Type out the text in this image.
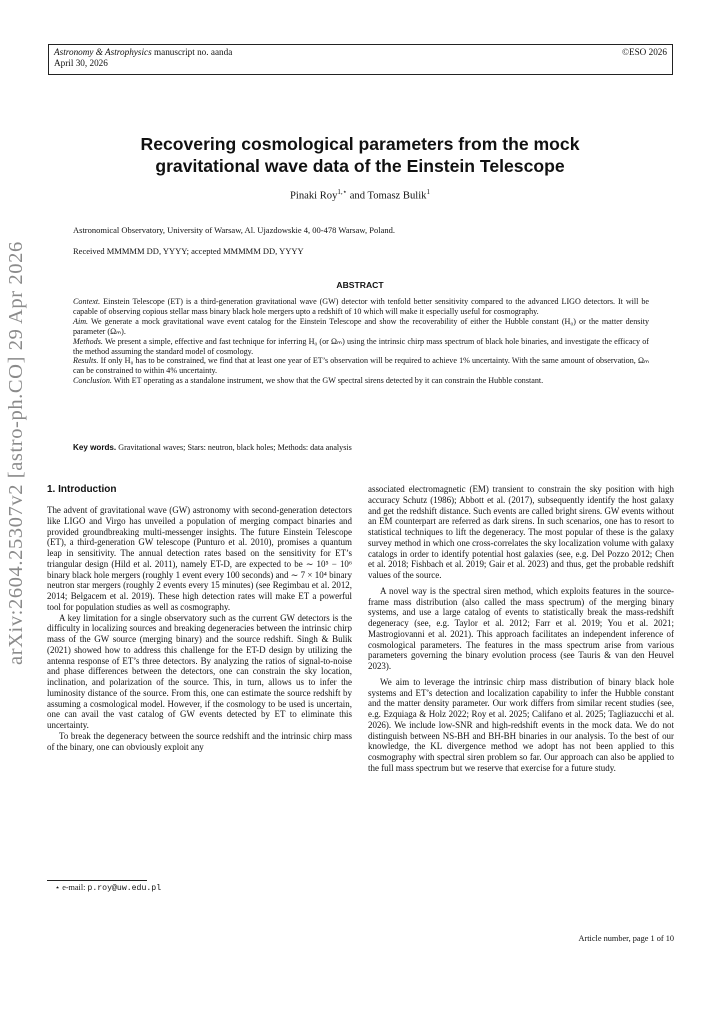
Astronomy & Astrophysics manuscript no. aanda
April 30, 2026
©ESO 2026
arXiv:2604.25307v2 [astro-ph.CO] 29 Apr 2026
Recovering cosmological parameters from the mock
gravitational wave data of the Einstein Telescope
Pinaki Roy$^{1,⋆}$ and Tomasz Bulik$^1$
Astronomical Observatory, University of Warsaw, Al. Ujazdowskie 4, 00-478 Warsaw, Poland.
Received MMMMM DD, YYYY; accepted MMMMM DD, YYYY
ABSTRACT

Context. Einstein Telescope (ET) is a third-generation gravitational wave (GW) detector with tenfold better sensitivity compared to the advanced LIGO detectors. It will be capable of observing copious stellar mass binary black hole mergers upto a redshift of 10 which will make it especially useful for cosmography.

Aim. We generate a mock gravitational wave event catalog for the Einstein Telescope and show the recoverability of either the Hubble constant (H₀) or the matter density parameter (Ωₘ).

Methods. We present a simple, effective and fast technique for inferring H₀ (or Ωₘ) using the intrinsic chirp mass spectrum of black hole binaries, and investigate the efficacy of the method assuming the standard model of cosmology.

Results. If only H₀ has to be constrained, we find that at least one year of ET’s observation will be required to achieve 1% uncertainty. With the same amount of observation, Ωₘ can be constrained to within 4% uncertainty.

Conclusion. With ET operating as a standalone instrument, we show that the GW spectral sirens detected by it can constrain the Hubble constant.

Key words. Gravitational waves; Stars: neutron, black holes; Methods: data analysis
1. Introduction

The advent of gravitational wave (GW) astronomy with second-generation detectors like LIGO and Virgo has unveiled a population of merging compact binaries and provided groundbreaking multi-messenger insights. The future Einstein Telescope (ET), a third-generation GW telescope (Punturo et al. 2010), promises a quantum leap in sensitivity. The annual detection rates based on the sensitivity for ET’s triangular design (Hild et al. 2011), namely ET-D, are expected to be ∼ 10⁵ − 10⁶ binary black hole mergers (roughly 1 event every 100 seconds) and ∼ 7 × 10⁴ binary neutron star mergers (roughly 2 events every 15 minutes) (see Regimbau et al. 2012, 2014; Belgacem et al. 2019). These high detection rates will make ET a powerful tool for population studies as well as cosmography.

A key limitation for a single observatory such as the current GW detectors is the difficulty in localizing sources and breaking degeneracies between the intrinsic chirp mass of the GW source (merging binary) and the source redshift. Singh & Bulik (2021) showed how to address this challenge for the ET-D design by utilizing the antenna response of ET’s three detectors. By analyzing the ratios of signal-to-noise and phase differences between the detectors, one can constrain the sky location, inclination, and polarization of the source. This, in turn, allows us to infer the luminosity distance of the source. From this, one can estimate the source redshift by assuming a cosmological model. However, if the cosmology to be used is uncertain, one can avail the vast catalog of GW events detected by ET to eliminate this uncertainty.

To break the degeneracy between the source redshift and the intrinsic chirp mass of the binary, one can obviously exploit any

associated electromagnetic (EM) transient to constrain the sky position with high accuracy Schutz (1986); Abbott et al. (2017), subsequently identify the host galaxy and get the redshift distance. Such events are called bright sirens. GW events without an EM counterpart are referred as dark sirens. In such scenarios, one has to resort to statistical techniques to lift the degeneracy. The most popular of these is the galaxy survey method in which one cross-correlates the sky localization volume with galaxy catalogs in order to identify potential host galaxies (see, e.g. Del Pozzo 2012; Chen et al. 2018; Fishbach et al. 2019; Gair et al. 2023) and thus, get the probable redshift values of the source.

A novel way is the spectral siren method, which exploits features in the source-frame mass distribution (also called the mass spectrum) of the merging binary systems, and use a large catalog of events to statistically break the mass-redshift degeneracy (see, e.g. Taylor et al. 2012; Farr et al. 2019; You et al. 2021; Mastrogiovanni et al. 2021). This approach facilitates an independent inference of cosmological parameters. The features in the mass spectrum arise from various parameters governing the binary evolution process (see Tauris & van den Heuvel 2023).

We aim to leverage the intrinsic chirp mass distribution of binary black hole systems and ET’s detection and localization capability to infer the Hubble constant and the matter density parameter. Our work differs from similar recent studies (see, e.g. Ezquiaga & Holz 2022; Roy et al. 2025; Califano et al. 2025; Tagliazucchi et al. 2026). We include low-SNR and high-redshift events in the mock data. We do not distinguish between NS-BH and BH-BH binaries in our analysis. To the best of our knowledge, the KL divergence method we adopt has not been applied to this cosmography with spectral siren problem so far. Our approach can also be applied to the full mass spectrum but we reserve that exercise for a future study.

⋆ e-mail: p.roy@uw.edu.pl
Article number, page 1 of 10
